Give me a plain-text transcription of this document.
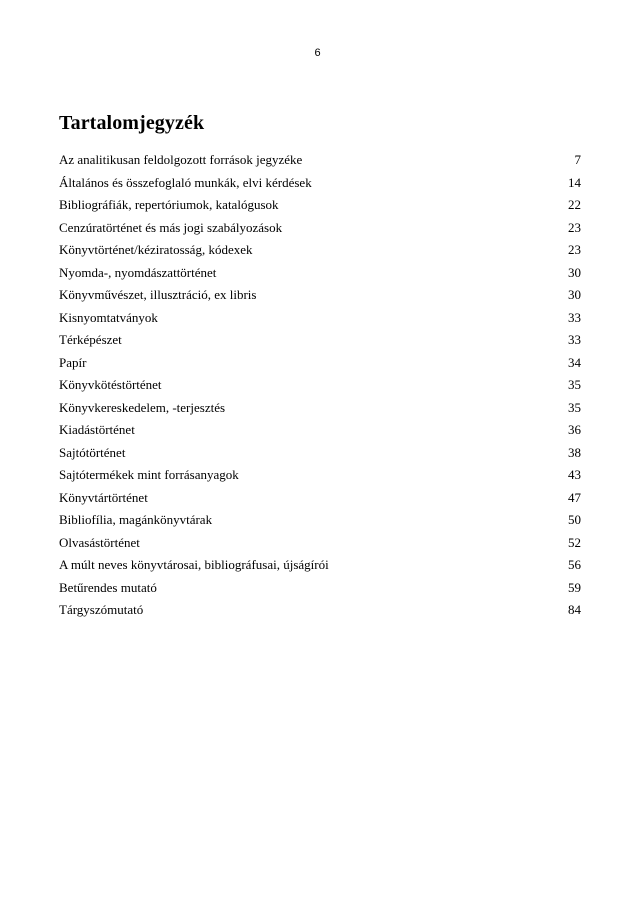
6
Tartalomjegyzék
Az analitikusan feldolgozott források jegyzéke	7
Általános és összefoglaló munkák, elvi kérdések	14
Bibliográfiák, repertóriumok, katalógusok	22
Cenzúratörténet és más jogi szabályozások	23
Könyvtörténet/kéziratosság, kódexek	23
Nyomda-, nyomdászattörténet	30
Könyvművészet, illusztráció, ex libris	30
Kisnyomtatványok	33
Térképészet	33
Papír	34
Könyvkötéstörténet	35
Könyvkereskedelem, -terjesztés	35
Kiadástörténet	36
Sajtótörténet	38
Sajtótermékek mint forrásanyagok	43
Könyvtártörténet	47
Bibliofília, magánkönyvtárak	50
Olvasástörténet	52
A múlt neves könyvtárosai, bibliográfusai, újságírói	56
Betűrendes mutató	59
Tárgyszómutató	84
